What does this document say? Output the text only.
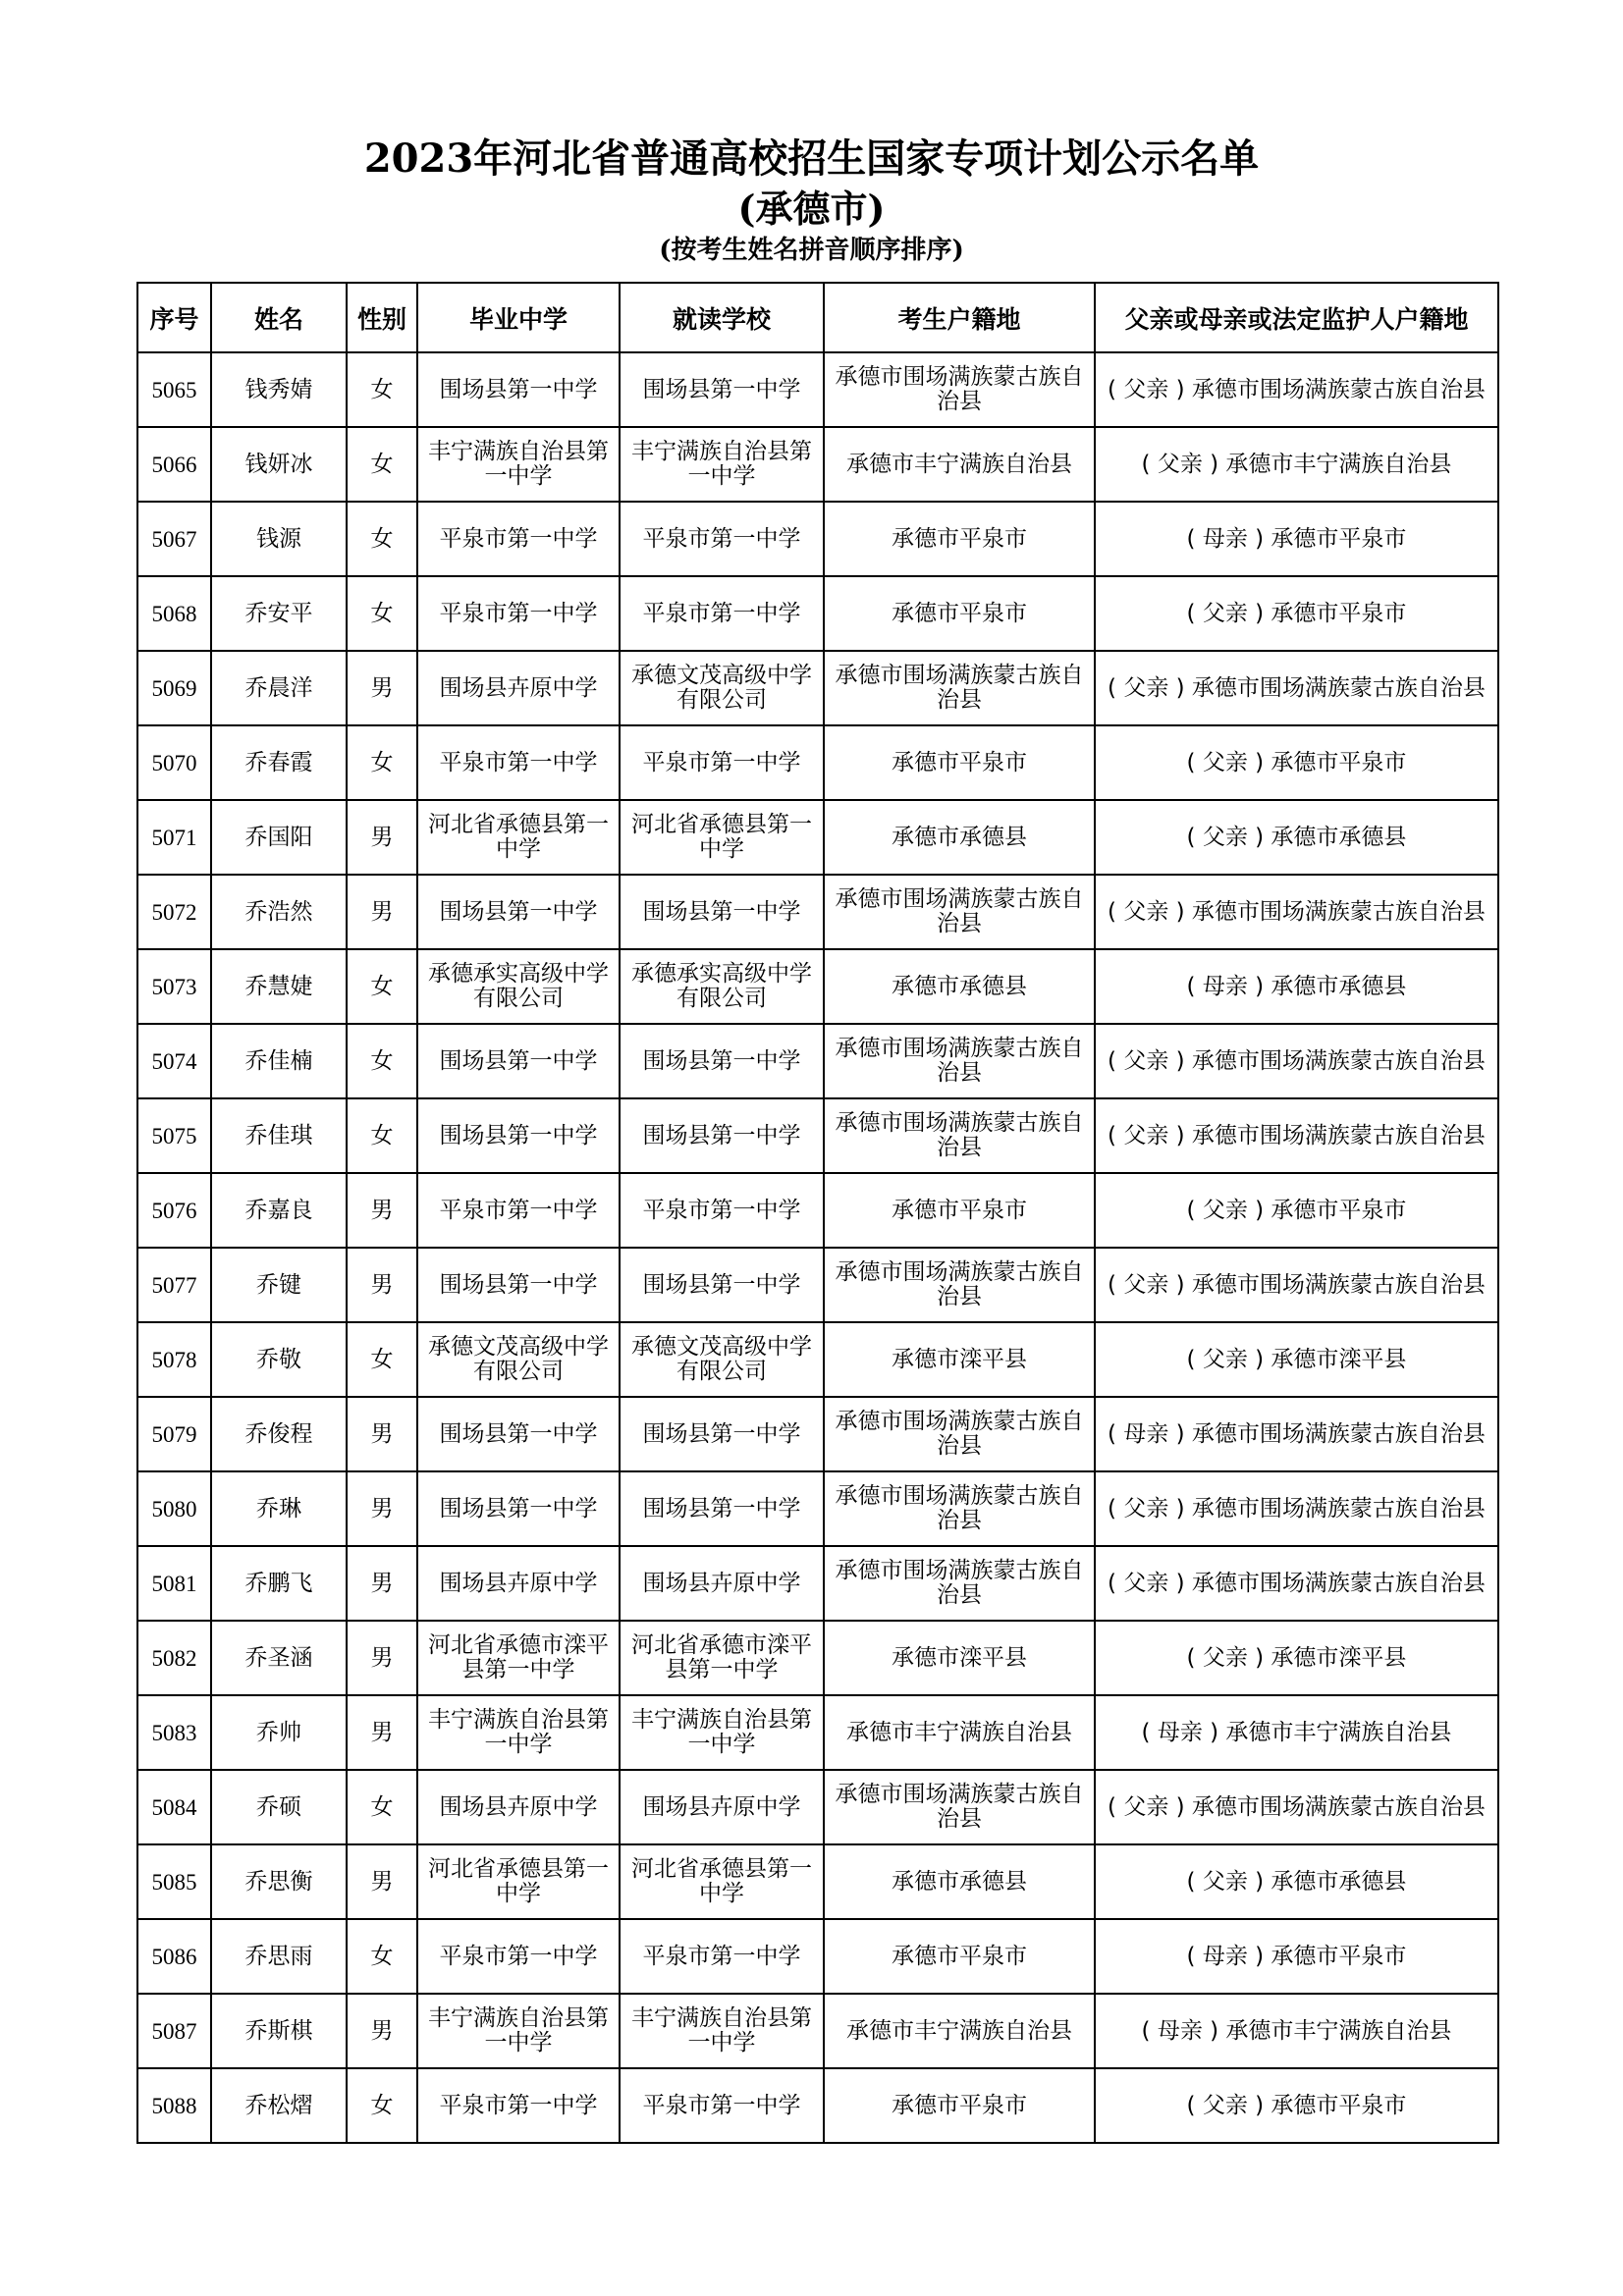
2023年河北省普通高校招生国家专项计划公示名单
(承德市)
(按考生姓名拼音顺序排序)
序号	姓名	性别	毕业中学	就读学校	考生户籍地	父亲或母亲或法定监护人户籍地
5065	钱秀婧	女	围场县第一中学	围场县第一中学	承德市围场满族蒙古族自治县	( 父亲 ) 承德市围场满族蒙古族自治县
5066	钱妍冰	女	丰宁满族自治县第一中学	丰宁满族自治县第一中学	承德市丰宁满族自治县	( 父亲 ) 承德市丰宁满族自治县
5067	钱源	女	平泉市第一中学	平泉市第一中学	承德市平泉市	( 母亲 ) 承德市平泉市
5068	乔安平	女	平泉市第一中学	平泉市第一中学	承德市平泉市	( 父亲 ) 承德市平泉市
5069	乔晨洋	男	围场县卉原中学	承德文茂高级中学有限公司	承德市围场满族蒙古族自治县	( 父亲 ) 承德市围场满族蒙古族自治县
5070	乔春霞	女	平泉市第一中学	平泉市第一中学	承德市平泉市	( 父亲 ) 承德市平泉市
5071	乔国阳	男	河北省承德县第一中学	河北省承德县第一中学	承德市承德县	( 父亲 ) 承德市承德县
5072	乔浩然	男	围场县第一中学	围场县第一中学	承德市围场满族蒙古族自治县	( 父亲 ) 承德市围场满族蒙古族自治县
5073	乔慧婕	女	承德承实高级中学有限公司	承德承实高级中学有限公司	承德市承德县	( 母亲 ) 承德市承德县
5074	乔佳楠	女	围场县第一中学	围场县第一中学	承德市围场满族蒙古族自治县	( 父亲 ) 承德市围场满族蒙古族自治县
5075	乔佳琪	女	围场县第一中学	围场县第一中学	承德市围场满族蒙古族自治县	( 父亲 ) 承德市围场满族蒙古族自治县
5076	乔嘉良	男	平泉市第一中学	平泉市第一中学	承德市平泉市	( 父亲 ) 承德市平泉市
5077	乔键	男	围场县第一中学	围场县第一中学	承德市围场满族蒙古族自治县	( 父亲 ) 承德市围场满族蒙古族自治县
5078	乔敬	女	承德文茂高级中学有限公司	承德文茂高级中学有限公司	承德市滦平县	( 父亲 ) 承德市滦平县
5079	乔俊程	男	围场县第一中学	围场县第一中学	承德市围场满族蒙古族自治县	( 母亲 ) 承德市围场满族蒙古族自治县
5080	乔琳	男	围场县第一中学	围场县第一中学	承德市围场满族蒙古族自治县	( 父亲 ) 承德市围场满族蒙古族自治县
5081	乔鹏飞	男	围场县卉原中学	围场县卉原中学	承德市围场满族蒙古族自治县	( 父亲 ) 承德市围场满族蒙古族自治县
5082	乔圣涵	男	河北省承德市滦平县第一中学	河北省承德市滦平县第一中学	承德市滦平县	( 父亲 ) 承德市滦平县
5083	乔帅	男	丰宁满族自治县第一中学	丰宁满族自治县第一中学	承德市丰宁满族自治县	( 母亲 ) 承德市丰宁满族自治县
5084	乔硕	女	围场县卉原中学	围场县卉原中学	承德市围场满族蒙古族自治县	( 父亲 ) 承德市围场满族蒙古族自治县
5085	乔思衡	男	河北省承德县第一中学	河北省承德县第一中学	承德市承德县	( 父亲 ) 承德市承德县
5086	乔思雨	女	平泉市第一中学	平泉市第一中学	承德市平泉市	( 母亲 ) 承德市平泉市
5087	乔斯棋	男	丰宁满族自治县第一中学	丰宁满族自治县第一中学	承德市丰宁满族自治县	( 母亲 ) 承德市丰宁满族自治县
5088	乔松熠	女	平泉市第一中学	平泉市第一中学	承德市平泉市	( 父亲 ) 承德市平泉市
